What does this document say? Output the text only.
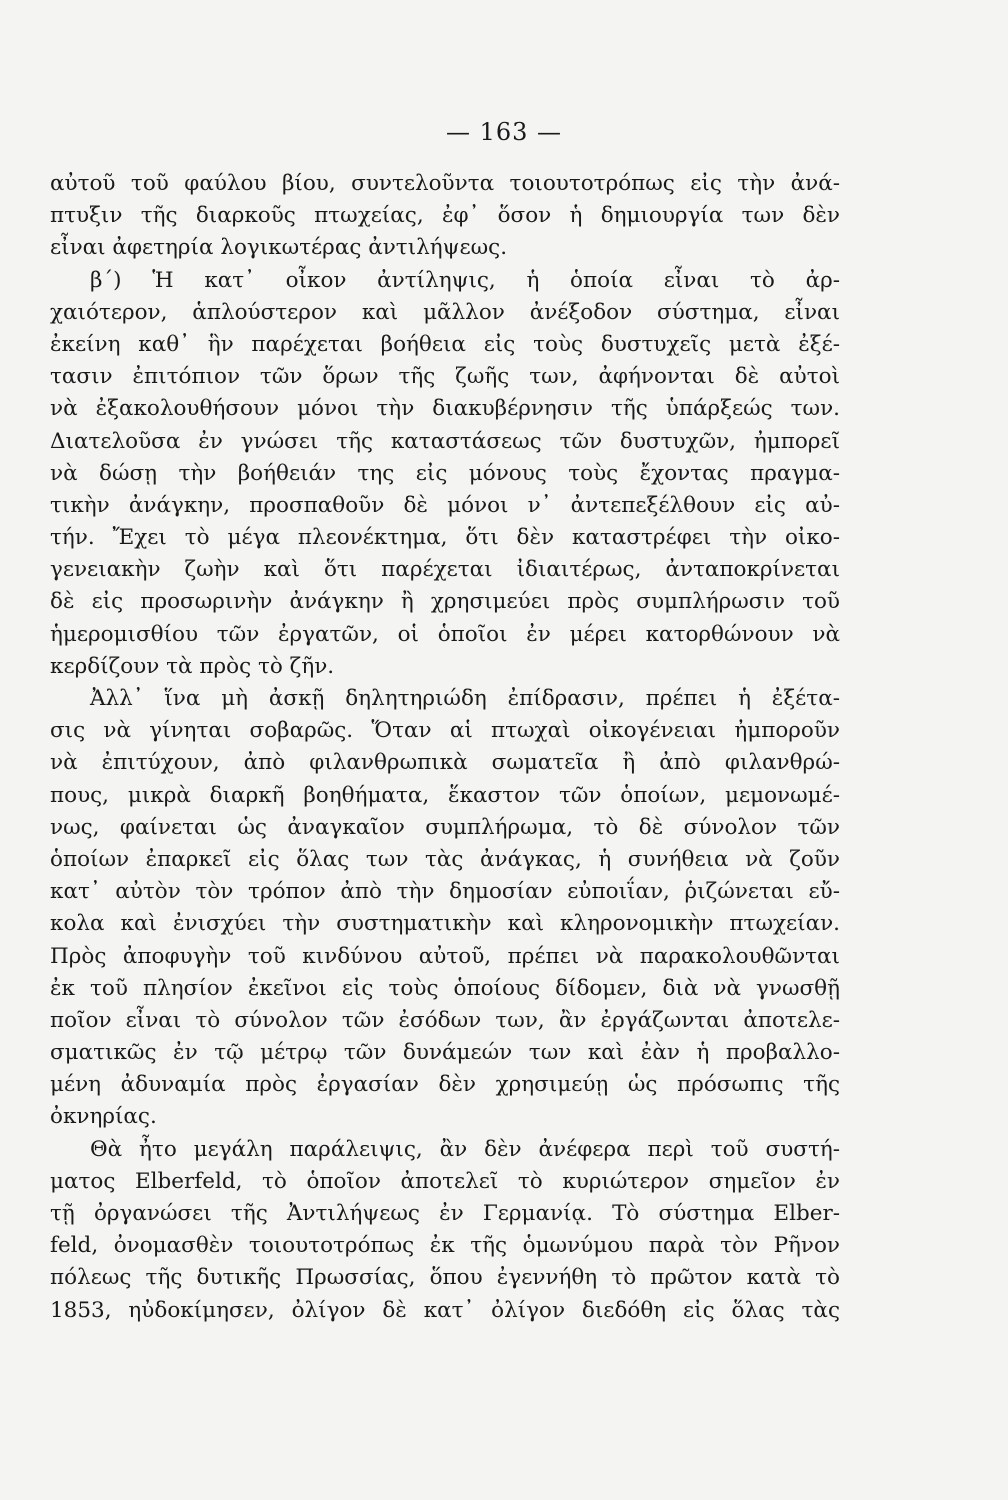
— 163 —
αὐτοῦ τοῦ φαύλου βίου, συντελοῦντα τοιουτοτρόπως εἰς τὴν ἀνά-
πτυξιν τῆς διαρκοῦς πτωχείας, ἐφ᾽ ὅσον ἡ δημιουργία των δὲν
εἶναι ἀφετηρία λογικωτέρας ἀντιλήψεως.
β´) Ἡ κατ᾽ οἶκον ἀντίληψις, ἡ ὁποία εἶναι τὸ ἀρ-
χαιότερον, ἁπλούστερον καὶ μᾶλλον ἀνέξοδον σύστημα, εἶναι
ἐκείνη καθ᾽ ἣν παρέχεται βοήθεια εἰς τοὺς δυστυχεῖς μετὰ ἐξέ-
τασιν ἐπιτόπιον τῶν ὅρων τῆς ζωῆς των, ἀφήνονται δὲ αὐτοὶ
νὰ ἐξακολουθήσουν μόνοι τὴν διακυβέρνησιν τῆς ὑπάρξεώς των.
Διατελοῦσα ἐν γνώσει τῆς καταστάσεως τῶν δυστυχῶν, ἠμπορεῖ
νὰ δώσῃ τὴν βοήθειάν της εἰς μόνους τοὺς ἔχοντας πραγμα-
τικὴν ἀνάγκην, προσπαθοῦν δὲ μόνοι ν᾽ ἀντεπεξέλθουν εἰς αὐ-
τήν. Ἔχει τὸ μέγα πλεονέκτημα, ὅτι δὲν καταστρέφει τὴν οἰκο-
γενειακὴν ζωὴν καὶ ὅτι παρέχεται ἰδιαιτέρως, ἀνταποκρίνεται
δὲ εἰς προσωρινὴν ἀνάγκην ἢ χρησιμεύει πρὸς συμπλήρωσιν τοῦ
ἡμερομισθίου τῶν ἐργατῶν, οἱ ὁποῖοι ἐν μέρει κατορθώνουν νὰ
κερδίζουν τὰ πρὸς τὸ ζῆν.
Ἀλλ᾽ ἵνα μὴ ἀσκῇ δηλητηριώδη ἐπίδρασιν, πρέπει ἡ ἐξέτα-
σις νὰ γίνηται σοβαρῶς. Ὅταν αἱ πτωχαὶ οἰκογένειαι ἠμποροῦν
νὰ ἐπιτύχουν, ἀπὸ φιλανθρωπικὰ σωματεῖα ἢ ἀπὸ φιλανθρώ-
πους, μικρὰ διαρκῆ βοηθήματα, ἕκαστον τῶν ὁποίων, μεμονωμέ-
νως, φαίνεται ὡς ἀναγκαῖον συμπλήρωμα, τὸ δὲ σύνολον τῶν
ὁποίων ἐπαρκεῖ εἰς ὅλας των τὰς ἀνάγκας, ἡ συνήθεια νὰ ζοῦν
κατ᾽ αὐτὸν τὸν τρόπον ἀπὸ τὴν δημοσίαν εὐποιΐαν, ῥιζώνεται εὔ-
κολα καὶ ἐνισχύει τὴν συστηματικὴν καὶ κληρονομικὴν πτωχείαν.
Πρὸς ἀποφυγὴν τοῦ κινδύνου αὐτοῦ, πρέπει νὰ παρακολουθῶνται
ἐκ τοῦ πλησίον ἐκεῖνοι εἰς τοὺς ὁποίους δίδομεν, διὰ νὰ γνωσθῇ
ποῖον εἶναι τὸ σύνολον τῶν ἐσόδων των, ἂν ἐργάζωνται ἀποτελε-
σματικῶς ἐν τῷ μέτρῳ τῶν δυνάμεών των καὶ ἐὰν ἡ προβαλλο-
μένη ἀδυναμία πρὸς ἐργασίαν δὲν χρησιμεύῃ ὡς πρόσωπις τῆς
ὀκνηρίας.
Θὰ ἦτο μεγάλη παράλειψις, ἂν δὲν ἀνέφερα περὶ τοῦ συστή-
ματος Elberfeld, τὸ ὁποῖον ἀποτελεῖ τὸ κυριώτερον σημεῖον ἐν
τῇ ὀργανώσει τῆς Ἀντιλήψεως ἐν Γερμανίᾳ. Τὸ σύστημα Elber-
feld, ὀνομασθὲν τοιουτοτρόπως ἐκ τῆς ὁμωνύμου παρὰ τὸν Ρῆνον
πόλεως τῆς δυτικῆς Πρωσσίας, ὅπου ἐγεννήθη τὸ πρῶτον κατὰ τὸ
1853, ηὐδοκίμησεν, ὀλίγον δὲ κατ᾽ ὀλίγον διεδόθη εἰς ὅλας τὰς
